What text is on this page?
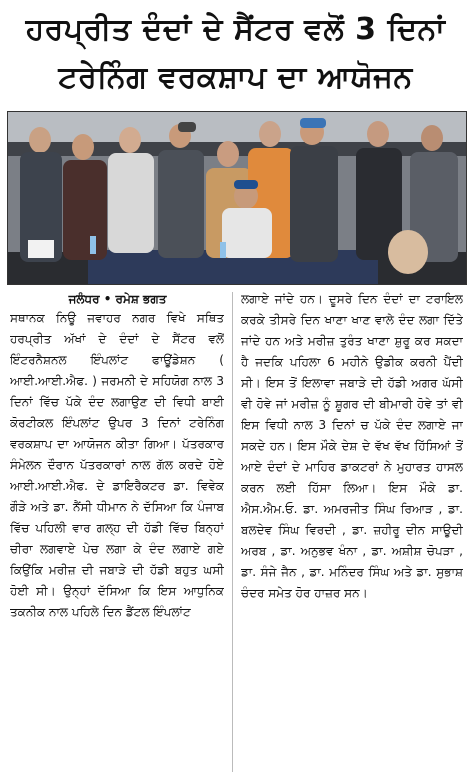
ਹਰਪ੍ਰੀਤ ਦੰਦਾਂ ਦੇ ਸੈਂਟਰ ਵਲੋਂ 3 ਦਿਨਾਂ
ਟਰੇਨਿੰਗ ਵਰਕਸ਼ਾਪ ਦਾ ਆਯੋਜਨ
ਜਲੰਧਰ • ਰਮੇਸ਼ ਭਗਤ
ਸਥਾਨਕ ਨਿਊ ਜਵਾਹਰ ਨਗਰ ਵਿਖੇ ਸਥਿਤ ਹਰਪ੍ਰੀਤ ਅੱਖਾਂ ਦੇ ਦੰਦਾਂ ਦੇ ਸੈਂਟਰ ਵਲੋਂ ਇੰਟਰਨੈਸ਼ਨਲ ਇੰਪਲਾਂਟ ਫਾਊਂਡੇਸ਼ਨ ( ਆਈ.ਆਈ.ਐਫ. ) ਜਰਮਨੀ ਦੇ ਸਹਿਯੋਗ ਨਾਲ 3 ਦਿਨਾਂ ਵਿੱਚ ਪੱਕੇ ਦੰਦ ਲਗਾਉਣ ਦੀ ਵਿਧੀ ਬਾਈ ਕੋਰਟੀਕਲ ਇੰਪਲਾਂਟ ਉਪਰ 3 ਦਿਨਾਂ ਟਰੇਨਿੰਗ ਵਰਕਸ਼ਾਪ ਦਾ ਆਯੋਜਨ ਕੀਤਾ ਗਿਆ। ਪੱਤਰਕਾਰ ਸੰਮੇਲਨ ਦੌਰਾਨ ਪੱਤਰਕਾਰਾਂ ਨਾਲ ਗੱਲ ਕਰਦੇ ਹੋਏ ਆਈ.ਆਈ.ਐਫ. ਦੇ ਡਾਇਰੈਕਟਰ ਡਾ. ਵਿਵੇਕ ਗੌੜੇ ਅਤੇ ਡਾ. ਨੈਂਸੀ ਧੀਮਾਨ ਨੇ ਦੱਸਿਆ ਕਿ ਪੰਜਾਬ ਵਿੱਚ ਪਹਿਲੀ ਵਾਰ ਗਲ੍ਹ ਦੀ ਹੱਡੀ ਵਿੱਚ ਬਿਨ੍ਹਾਂ ਚੀਰਾ ਲਗਵਾਏ ਪੇਚ ਲਗਾ ਕੇ ਦੰਦ ਲਗਾਏ ਗਏ ਕਿਉਂਕਿ ਮਰੀਜ਼ ਦੀ ਜਬਾੜੇ ਦੀ ਹੱਡੀ ਬਹੁਤ ਘਸੀ ਹੋਈ ਸੀ। ਉਨ੍ਹਾਂ ਦੱਸਿਆ ਕਿ ਇਸ ਆਧੁਨਿਕ ਤਕਨੀਕ ਨਾਲ ਪਹਿਲੇ ਦਿਨ ਡੈਂਟਲ ਇੰਪਲਾਂਟ
ਲਗਾਏ ਜਾਂਦੇ ਹਨ। ਦੂਸਰੇ ਦਿਨ ਦੰਦਾਂ ਦਾ ਟਰਾਇਲ ਕਰਕੇ ਤੀਸਰੇ ਦਿਨ ਖਾਣਾ ਖਾਣ ਵਾਲੇ ਦੰਦ ਲਗਾ ਦਿੱਤੇ ਜਾਂਦੇ ਹਨ ਅਤੇ ਮਰੀਜ਼ ਤੁਰੰਤ ਖਾਣਾ ਸ਼ੁਰੂ ਕਰ ਸਕਦਾ ਹੈ ਜਦਕਿ ਪਹਿਲਾ 6 ਮਹੀਨੇ ਉਡੀਕ ਕਰਨੀ ਪੈਂਦੀ ਸੀ। ਇਸ ਤੋਂ ਇਲਾਵਾ ਜਬਾੜੇ ਦੀ ਹੱਡੀ ਅਗਰ ਘੱਸੀ ਵੀ ਹੋਵੇ ਜਾਂ ਮਰੀਜ਼ ਨੂੰ ਸ਼ੂਗਰ ਦੀ ਬੀਮਾਰੀ ਹੋਵੇ ਤਾਂ ਵੀ ਇਸ ਵਿਧੀ ਨਾਲ 3 ਦਿਨਾਂ ਚ ਪੱਕੇ ਦੰਦ ਲਗਾਏ ਜਾ ਸਕਦੇ ਹਨ। ਇਸ ਮੌਕੇ ਦੇਸ਼ ਦੇ ਵੱਖ ਵੱਖ ਹਿੱਸਿਆਂ ਤੋਂ ਆਏ ਦੰਦਾਂ ਦੇ ਮਾਹਿਰ ਡਾਕਟਰਾਂ ਨੇ ਮੁਹਾਰਤ ਹਾਸਲ ਕਰਨ ਲਈ ਹਿੱਸਾ ਲਿਆ। ਇਸ ਮੌਕੇ ਡਾ. ਐਸ.ਐਮ.ਓ. ਡਾ. ਅਮਰਜੀਤ ਸਿੰਘ ਰਿਆੜ , ਡਾ. ਬਲਦੇਵ ਸਿੰਘ ਵਿਰਦੀ , ਡਾ. ਜ਼ਹੀਰੂ ਦੀਨ ਸਾਊਦੀ ਅਰਬ , ਡਾ. ਅਨੁਭਵ ਖੰਨਾ , ਡਾ. ਅਸ਼ੀਸ਼ ਚੋਪੜਾ , ਡਾ. ਸੰਜੇ ਜੈਨ , ਡਾ. ਮਨਿੰਦਰ ਸਿੰਘ ਅਤੇ ਡਾ. ਸੁਭਾਸ਼ ਚੰਦਰ ਸਮੇਤ ਹੋਰ ਹਾਜ਼ਰ ਸਨ।
